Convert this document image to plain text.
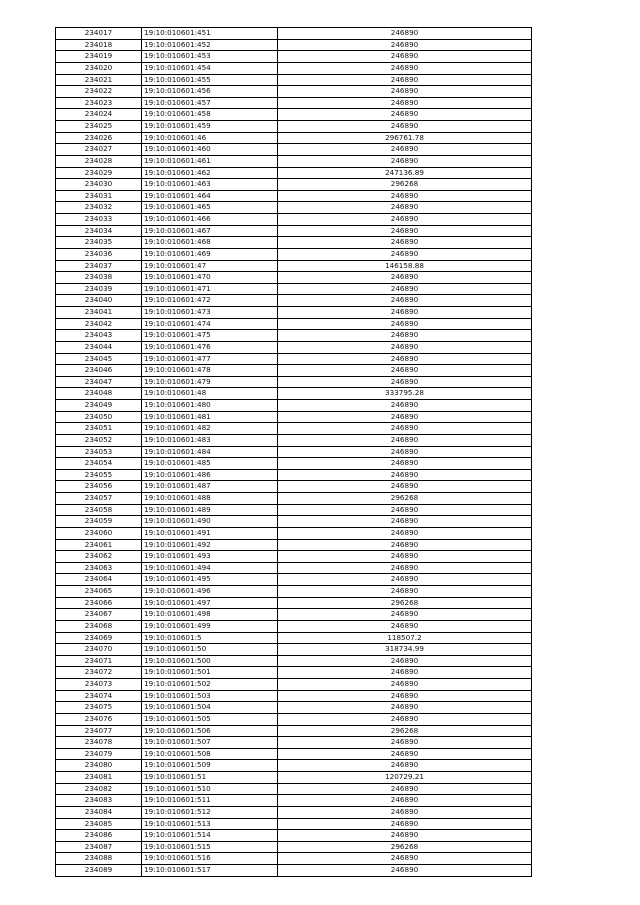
234017	19:10:010601:451	246890
234018	19:10:010601:452	246890
234019	19:10:010601:453	246890
234020	19:10:010601:454	246890
234021	19:10:010601:455	246890
234022	19:10:010601:456	246890
234023	19:10:010601:457	246890
234024	19:10:010601:458	246890
234025	19:10:010601:459	246890
234026	19:10:010601:46	296761.78
234027	19:10:010601:460	246890
234028	19:10:010601:461	246890
234029	19:10:010601:462	247136.89
234030	19:10:010601:463	296268
234031	19:10:010601:464	246890
234032	19:10:010601:465	246890
234033	19:10:010601:466	246890
234034	19:10:010601:467	246890
234035	19:10:010601:468	246890
234036	19:10:010601:469	246890
234037	19:10:010601:47	146158.88
234038	19:10:010601:470	246890
234039	19:10:010601:471	246890
234040	19:10:010601:472	246890
234041	19:10:010601:473	246890
234042	19:10:010601:474	246890
234043	19:10:010601:475	246890
234044	19:10:010601:476	246890
234045	19:10:010601:477	246890
234046	19:10:010601:478	246890
234047	19:10:010601:479	246890
234048	19:10:010601:48	333795.28
234049	19:10:010601:480	246890
234050	19:10:010601:481	246890
234051	19:10:010601:482	246890
234052	19:10:010601:483	246890
234053	19:10:010601:484	246890
234054	19:10:010601:485	246890
234055	19:10:010601:486	246890
234056	19:10:010601:487	246890
234057	19:10:010601:488	296268
234058	19:10:010601:489	246890
234059	19:10:010601:490	246890
234060	19:10:010601:491	246890
234061	19:10:010601:492	246890
234062	19:10:010601:493	246890
234063	19:10:010601:494	246890
234064	19:10:010601:495	246890
234065	19:10:010601:496	246890
234066	19:10:010601:497	296268
234067	19:10:010601:498	246890
234068	19:10:010601:499	246890
234069	19:10:010601:5	118507.2
234070	19:10:010601:50	318734.99
234071	19:10:010601:500	246890
234072	19:10:010601:501	246890
234073	19:10:010601:502	246890
234074	19:10:010601:503	246890
234075	19:10:010601:504	246890
234076	19:10:010601:505	246890
234077	19:10:010601:506	296268
234078	19:10:010601:507	246890
234079	19:10:010601:508	246890
234080	19:10:010601:509	246890
234081	19:10:010601:51	120729.21
234082	19:10:010601:510	246890
234083	19:10:010601:511	246890
234084	19:10:010601:512	246890
234085	19:10:010601:513	246890
234086	19:10:010601:514	246890
234087	19:10:010601:515	296268
234088	19:10:010601:516	246890
234089	19:10:010601:517	246890
